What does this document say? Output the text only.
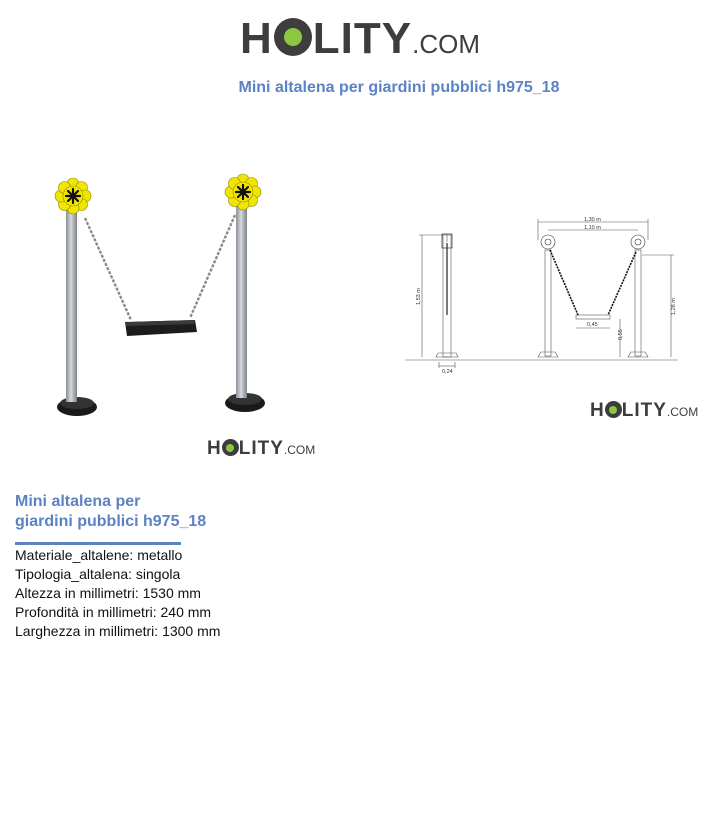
H LITY .COM
Mini altalena per giardini pubblici h975_18
H LITY .COM
1,30 m
1,10 m
0,45
0,55
1,53 m
1,28 m
0,24
H LITY .COM
Mini altalena per
giardini pubblici h975_18
Materiale_altalene: metallo
Tipologia_altalena: singola
Altezza in millimetri: 1530 mm
Profondità in millimetri: 240 mm
Larghezza in millimetri: 1300 mm
